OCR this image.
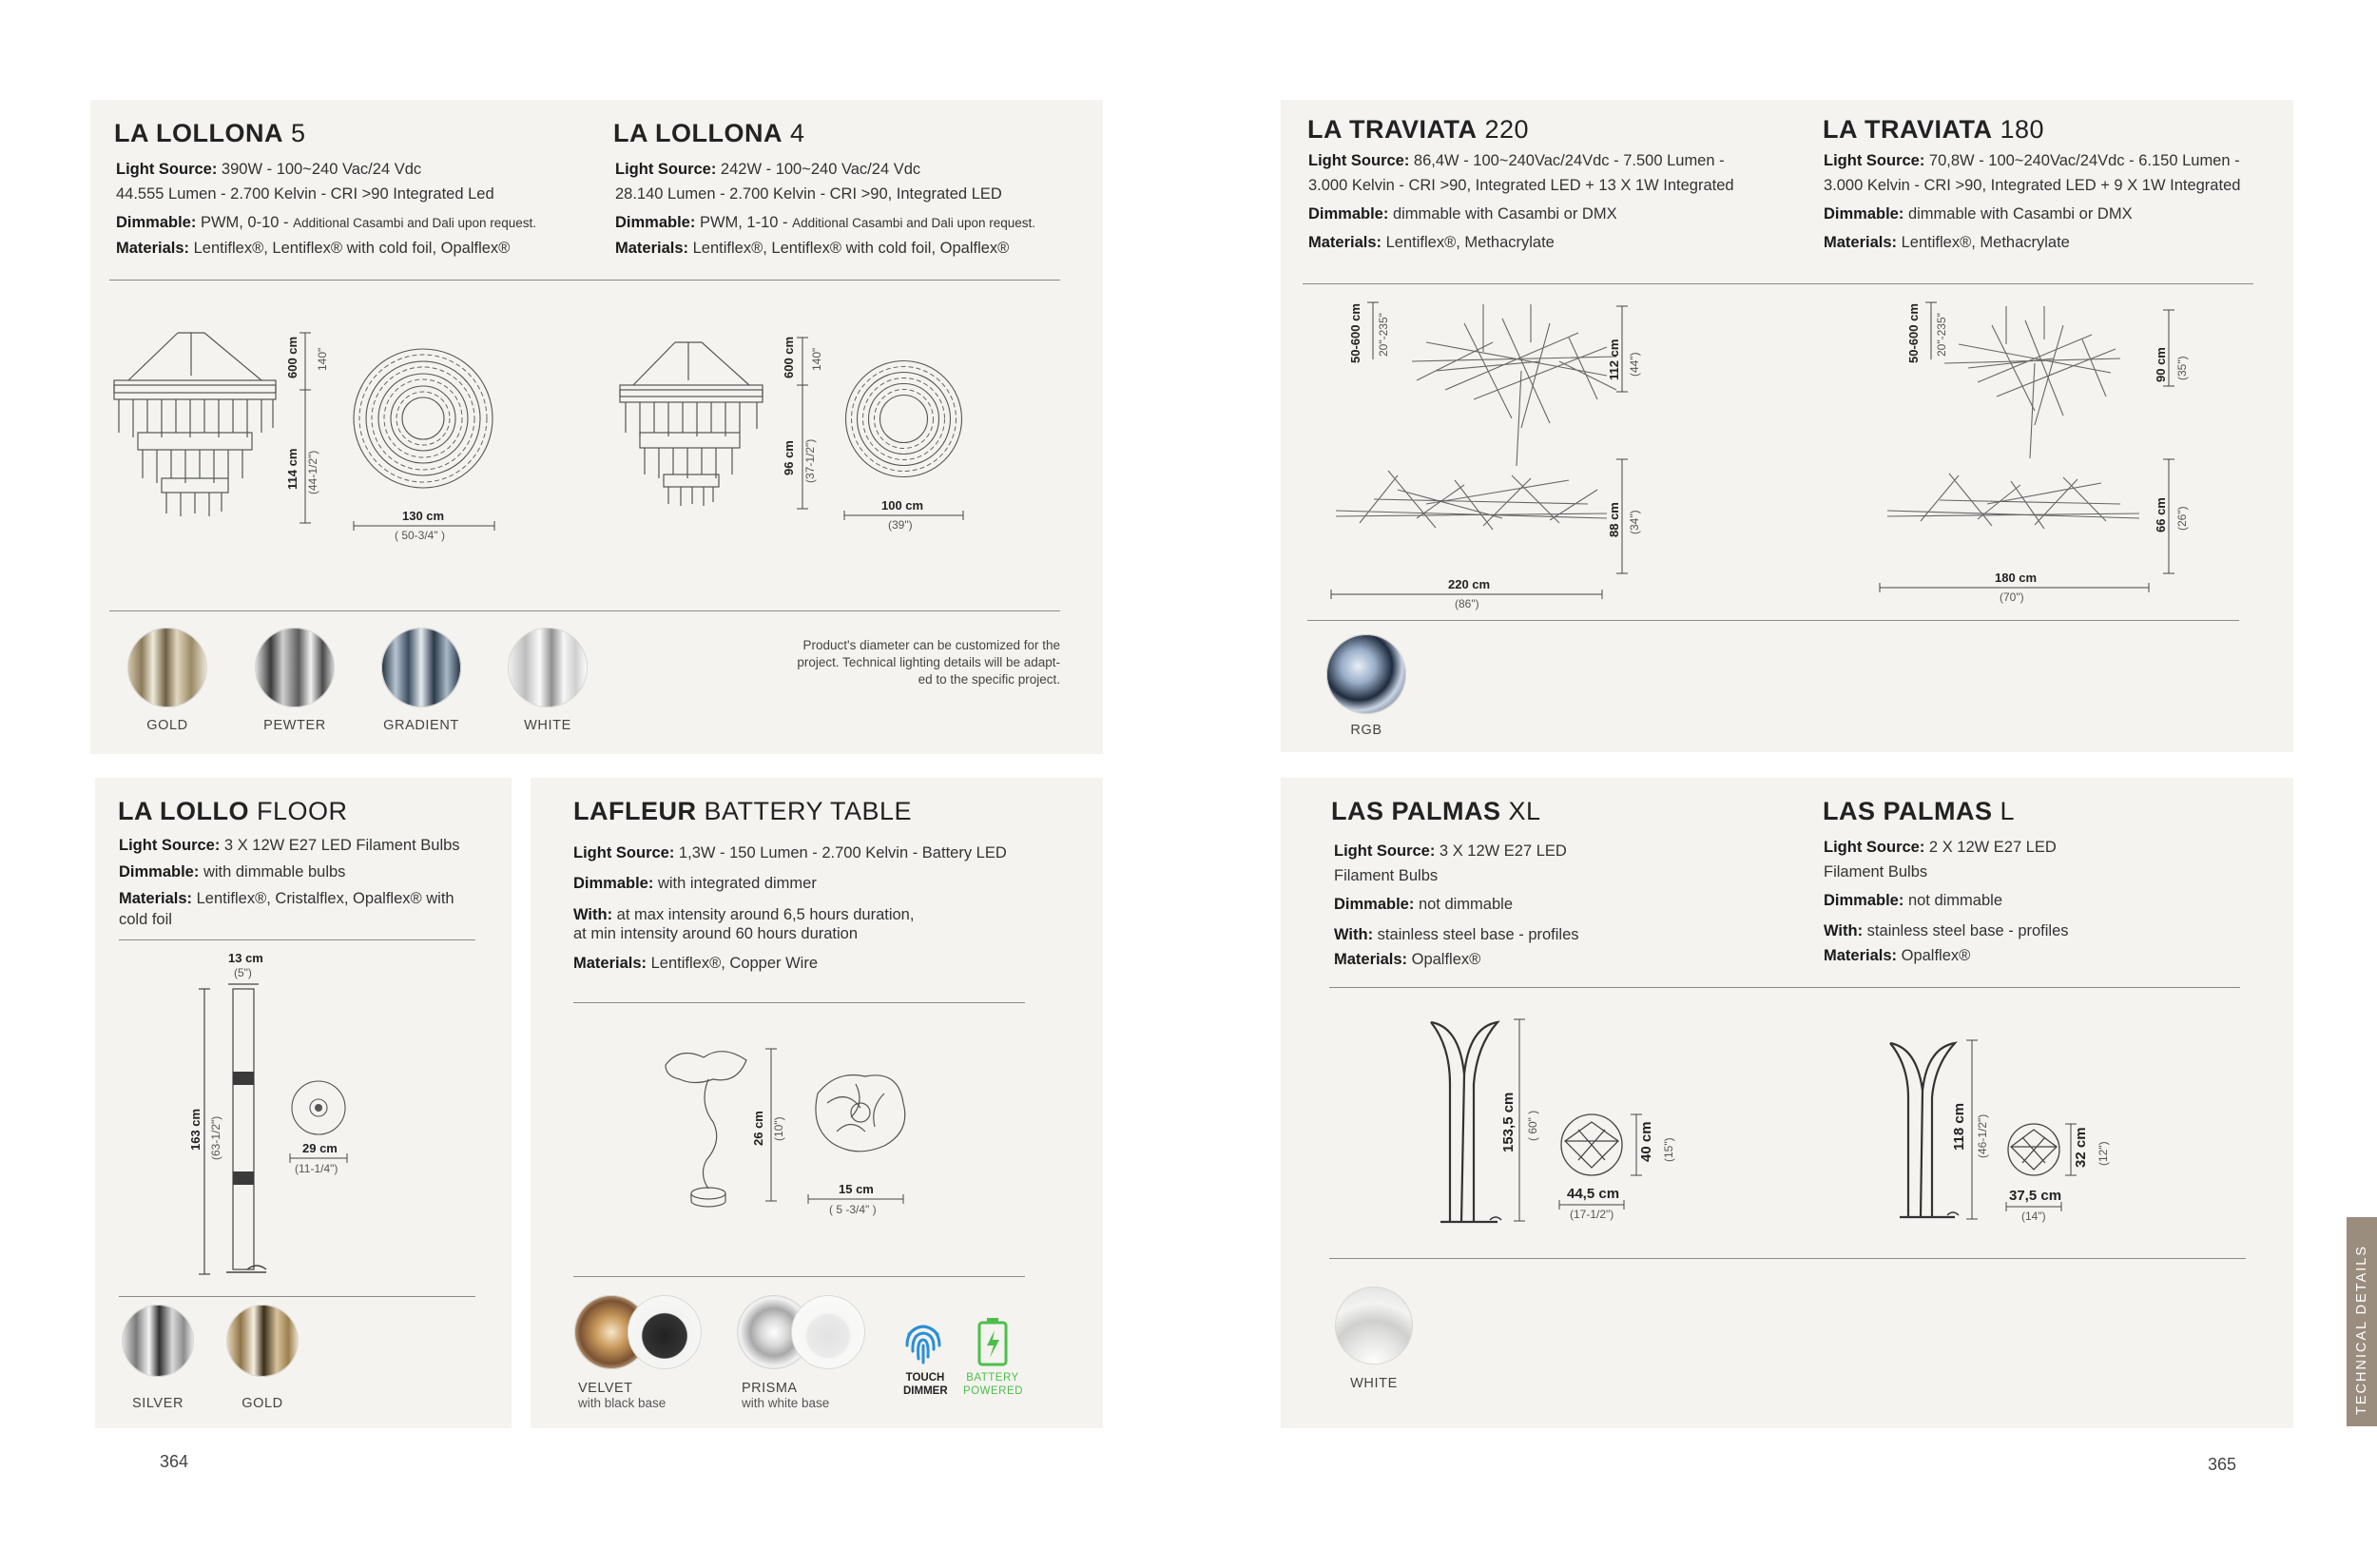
LA LOLLONA 5
Light Source: 390W - 100~240 Vac/24 Vdc
44.555 Lumen - 2.700 Kelvin - CRI >90 Integrated Led
Dimmable: PWM, 0-10 - Additional Casambi and Dali upon request.
Materials: Lentiflex®, Lentiflex® with cold foil, Opalflex®
LA LOLLONA 4
Light Source: 242W - 100~240 Vac/24 Vdc
28.140 Lumen - 2.700 Kelvin - CRI >90, Integrated LED
Dimmable: PWM, 1-10 - Additional Casambi and Dali upon request.
Materials: Lentiflex®, Lentiflex® with cold foil, Opalflex®
600 cm 140"
114 cm (44-1/2")
130 cm
( 50-3/4" )
600 cm 140"
96 cm (37-1/2")
100 cm
(39")
GOLD	PEWTER	GRADIENT	WHITE
Product's diameter can be customized for the
project. Technical lighting details will be adapt-
ed to the specific project.
LA TRAVIATA 220
Light Source: 86,4W - 100~240Vac/24Vdc - 7.500 Lumen -
3.000 Kelvin - CRI >90, Integrated LED + 13 X 1W Integrated
Dimmable: dimmable with Casambi or DMX
Materials: Lentiflex®, Methacrylate
LA TRAVIATA 180
Light Source: 70,8W - 100~240Vac/24Vdc - 6.150 Lumen -
3.000 Kelvin - CRI >90, Integrated LED + 9 X 1W Integrated
Dimmable: dimmable with Casambi or DMX
Materials: Lentiflex®, Methacrylate
50-600 cm 20"-235"
112 cm (44")
88 cm (34")
220 cm
(86")
50-600 cm 20"-235"
90 cm (35")
66 cm (26")
180 cm
(70")
RGB
LA LOLLO FLOOR
Light Source: 3 X 12W E27 LED Filament Bulbs
Dimmable: with dimmable bulbs
Materials: Lentiflex®, Cristalflex, Opalflex® with
cold foil
13 cm
(5")
163 cm (63-1/2")	29 cm
(11-1/4")
SILVER	GOLD
LAFLEUR BATTERY TABLE
Light Source: 1,3W - 150 Lumen - 2.700 Kelvin - Battery LED
Dimmable: with integrated dimmer
With: at max intensity around 6,5 hours duration,
at min intensity around 60 hours duration
Materials: Lentiflex®, Copper Wire
26 cm (10")
15 cm
( 5 -3/4" )
VELVET
with black base
PRISMA
with white base
TOUCH
DIMMER
BATTERY
POWERED
LAS PALMAS XL
Light Source: 3 X 12W E27 LED
Filament Bulbs
Dimmable: not dimmable
With: stainless steel base - profiles
Materials: Opalflex®
LAS PALMAS L
Light Source: 2 X 12W E27 LED
Filament Bulbs
Dimmable: not dimmable
With: stainless steel base - profiles
Materials: Opalflex®
153,5 cm ( 60" )	40 cm (15")
44,5 cm
(17-1/2")
118 cm (46-1/2")	32 cm (12")
37,5 cm
(14")
WHITE
364	365
TECHNICAL DETAILS
